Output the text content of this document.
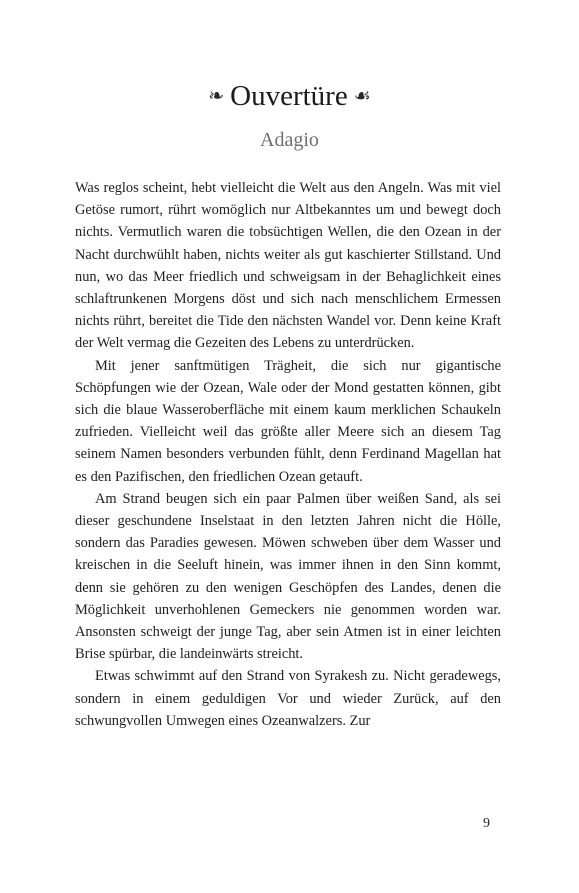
❧ Ouvertüre ☙
Adagio

Was reglos scheint, hebt vielleicht die Welt aus den Angeln. Was mit viel Getöse rumort, rührt womöglich nur Altbekanntes um und bewegt doch nichts. Vermutlich waren die tobsüchtigen Wellen, die den Ozean in der Nacht durchwühlt haben, nichts weiter als gut kaschierter Stillstand. Und nun, wo das Meer friedlich und schweigsam in der Behaglichkeit eines schlaftrunkenen Morgens döst und sich nach menschlichem Ermessen nichts rührt, bereitet die Tide den nächsten Wandel vor. Denn keine Kraft der Welt vermag die Gezeiten des Lebens zu unterdrücken.

Mit jener sanftmütigen Trägheit, die sich nur gigantische Schöpfungen wie der Ozean, Wale oder der Mond gestatten können, gibt sich die blaue Wasseroberfläche mit einem kaum merklichen Schaukeln zufrieden. Vielleicht weil das größte aller Meere sich an diesem Tag seinem Namen besonders verbunden fühlt, denn Ferdinand Magellan hat es den Pazifischen, den friedlichen Ozean getauft.

Am Strand beugen sich ein paar Palmen über weißen Sand, als sei dieser geschundene Inselstaat in den letzten Jahren nicht die Hölle, sondern das Paradies gewesen. Möwen schweben über dem Wasser und kreischen in die Seeluft hinein, was immer ihnen in den Sinn kommt, denn sie gehören zu den wenigen Geschöpfen des Landes, denen die Möglichkeit unverhohlenen Gemeckers nie genommen worden war. Ansonsten schweigt der junge Tag, aber sein Atmen ist in einer leichten Brise spürbar, die landeinwärts streicht.

Etwas schwimmt auf den Strand von Syrakesh zu. Nicht geradewegs, sondern in einem geduldigen Vor und wieder Zurück, auf den schwungvollen Umwegen eines Ozeanwalzers. Zur

9
